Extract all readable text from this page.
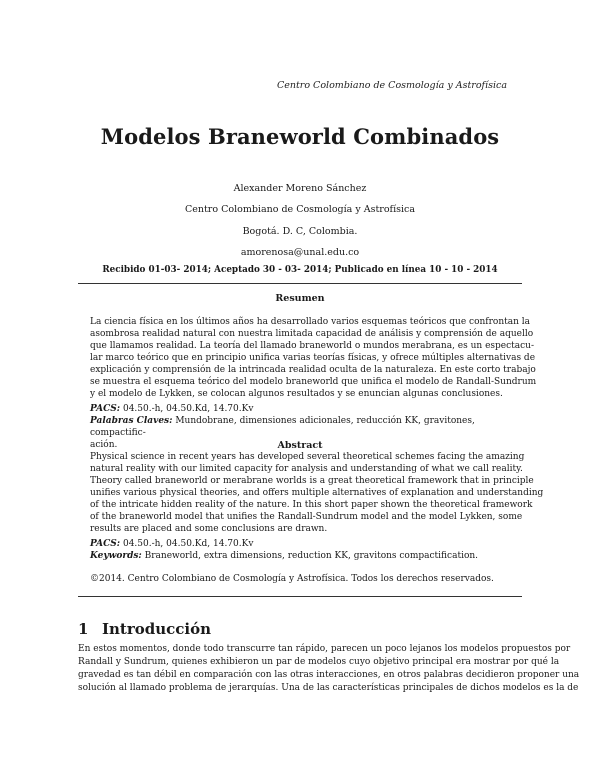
Centro Colombiano de Cosmología y Astrofísica
Modelos Braneworld Combinados
Alexander Moreno Sánchez
Centro Colombiano de Cosmología y Astrofísica
Bogotá. D. C, Colombia.
amorenosa@unal.edu.co
Recibido 01-03- 2014; Aceptado 30 - 03- 2014; Publicado en línea 10 - 10 - 2014
Resumen
La ciencia física en los últimos años ha desarrollado varios esquemas teóricos que confrontan la
asombrosa realidad natural con nuestra limitada capacidad de análisis y comprensión de aquello
que llamamos realidad. La teoría del llamado braneworld o mundos merabrana, es un espectacu-
lar marco teórico que en principio unifica varias teorías físicas, y ofrece múltiples alternativas de
explicación y comprensión de la intrincada realidad oculta de la naturaleza. En este corto trabajo
se muestra el esquema teórico del modelo braneworld que unifica el modelo de Randall-Sundrum
y el modelo de Lykken, se colocan algunos resultados y se enuncian algunas conclusiones.
PACS: 04.50.-h, 04.50.Kd, 14.70.Kv
Palabras Claves: Mundobrane, dimensiones adicionales, reducción KK, gravitones, compactific-
ación.	Abstract
Physical science in recent years has developed several theoretical schemes facing the amazing
natural reality with our limited capacity for analysis and understanding of what we call reality.
Theory called braneworld or merabrane worlds is a great theoretical framework that in principle
unifies various physical theories, and offers multiple alternatives of explanation and understanding
of the intricate hidden reality of the nature. In this short paper shown the theoretical framework
of the braneworld model that unifies the Randall-Sundrum model and the model Lykken, some
results are placed and some conclusions are drawn.
PACS: 04.50.-h, 04.50.Kd, 14.70.Kv
Keywords: Braneworld, extra dimensions, reduction KK, gravitons compactification.
©2014. Centro Colombiano de Cosmología y Astrofísica. Todos los derechos reservados.
1 Introducción
En estos momentos, donde todo transcurre tan rápido, parecen un poco lejanos los modelos propuestos por
Randall y Sundrum, quienes exhibieron un par de modelos cuyo objetivo principal era mostrar por qué la
gravedad es tan débil en comparación con las otras interacciones, en otros palabras decidieron proponer una
solución al llamado problema de jerarquías. Una de las características principales de dichos modelos es la de
